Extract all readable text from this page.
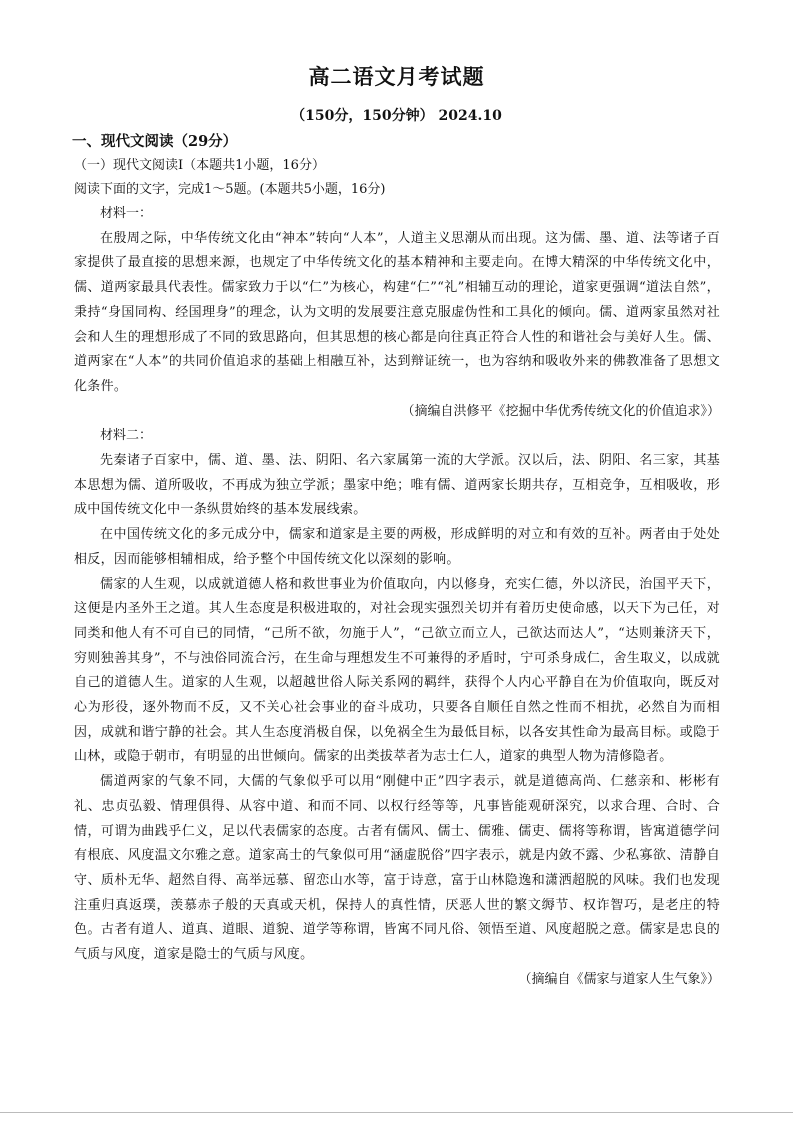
高二语文月考试题
（150分，150分钟） 2024.10
一、现代文阅读（29分）
（一）现代文阅读Ⅰ（本题共1小题，16分）
阅读下面的文字，完成1～5题。(本题共5小题，16分)

材料一：

在殷周之际，中华传统文化由“神本”转向“人本”，人道主义思潮从而出现。这为儒、墨、道、法等诸子百家提供了最直接的思想来源，也规定了中华传统文化的基本精神和主要走向。在博大精深的中华传统文化中，儒、道两家最具代表性。儒家致力于以“仁”为核心，构建“仁”“礼”相辅互动的理论，道家更强调“道法自然”，秉持“身国同构、经国理身”的理念，认为文明的发展要注意克服虚伪性和工具化的倾向。儒、道两家虽然对社会和人生的理想形成了不同的致思路向，但其思想的核心都是向往真正符合人性的和谐社会与美好人生。儒、道两家在“人本”的共同价值追求的基础上相融互补，达到辩证统一，也为容纳和吸收外来的佛教准备了思想文化条件。

（摘编自洪修平《挖掘中华优秀传统文化的价值追求》）

材料二：

先秦诸子百家中，儒、道、墨、法、阴阳、名六家属第一流的大学派。汉以后，法、阴阳、名三家，其基本思想为儒、道所吸收，不再成为独立学派；墨家中绝；唯有儒、道两家长期共存，互相竞争，互相吸收，形成中国传统文化中一条纵贯始终的基本发展线索。

在中国传统文化的多元成分中，儒家和道家是主要的两极，形成鲜明的对立和有效的互补。两者由于处处相反，因而能够相辅相成，给予整个中国传统文化以深刻的影响。

儒家的人生观，以成就道德人格和救世事业为价值取向，内以修身，充实仁德，外以济民，治国平天下，这便是内圣外王之道。其人生态度是积极进取的，对社会现实强烈关切并有着历史使命感，以天下为己任，对同类和他人有不可自已的同情，“己所不欲，勿施于人”，“己欲立而立人，己欲达而达人”，“达则兼济天下，穷则独善其身”，不与浊俗同流合污，在生命与理想发生不可兼得的矛盾时，宁可杀身成仁，舍生取义，以成就自己的道德人生。道家的人生观，以超越世俗人际关系网的羁绊，获得个人内心平静自在为价值取向，既反对心为形役，逐外物而不反，又不关心社会事业的奋斗成功，只要各自顺任自然之性而不相扰，必然自为而相因，成就和谐宁静的社会。其人生态度消极自保，以免祸全生为最低目标，以各安其性命为最高目标。或隐于山林，或隐于朝市，有明显的出世倾向。儒家的出类拔萃者为志士仁人，道家的典型人物为清修隐者。

儒道两家的气象不同，大儒的气象似乎可以用“刚健中正”四字表示，就是道德高尚、仁慈亲和、彬彬有礼、忠贞弘毅、情理俱得、从容中道、和而不同、以权行经等等，凡事皆能观研深究，以求合理、合时、合情，可谓为曲践乎仁义，足以代表儒家的态度。古者有儒风、儒士、儒雅、儒吏、儒将等称谓，皆寓道德学问有根底、风度温文尔雅之意。道家高士的气象似可用“涵虚脱俗”四字表示，就是内敛不露、少私寡欲、清静自守、质朴无华、超然自得、高举远慕、留恋山水等，富于诗意，富于山林隐逸和潇洒超脱的风味。我们也发现注重归真返璞，羡慕赤子般的天真或天机，保持人的真性情，厌恶人世的繁文缛节、权诈智巧，是老庄的特色。古者有道人、道真、道眼、道貌、道学等称谓，皆寓不同凡俗、领悟至道、风度超脱之意。儒家是忠良的气质与风度，道家是隐士的气质与风度。

（摘编自《儒家与道家人生气象》）
